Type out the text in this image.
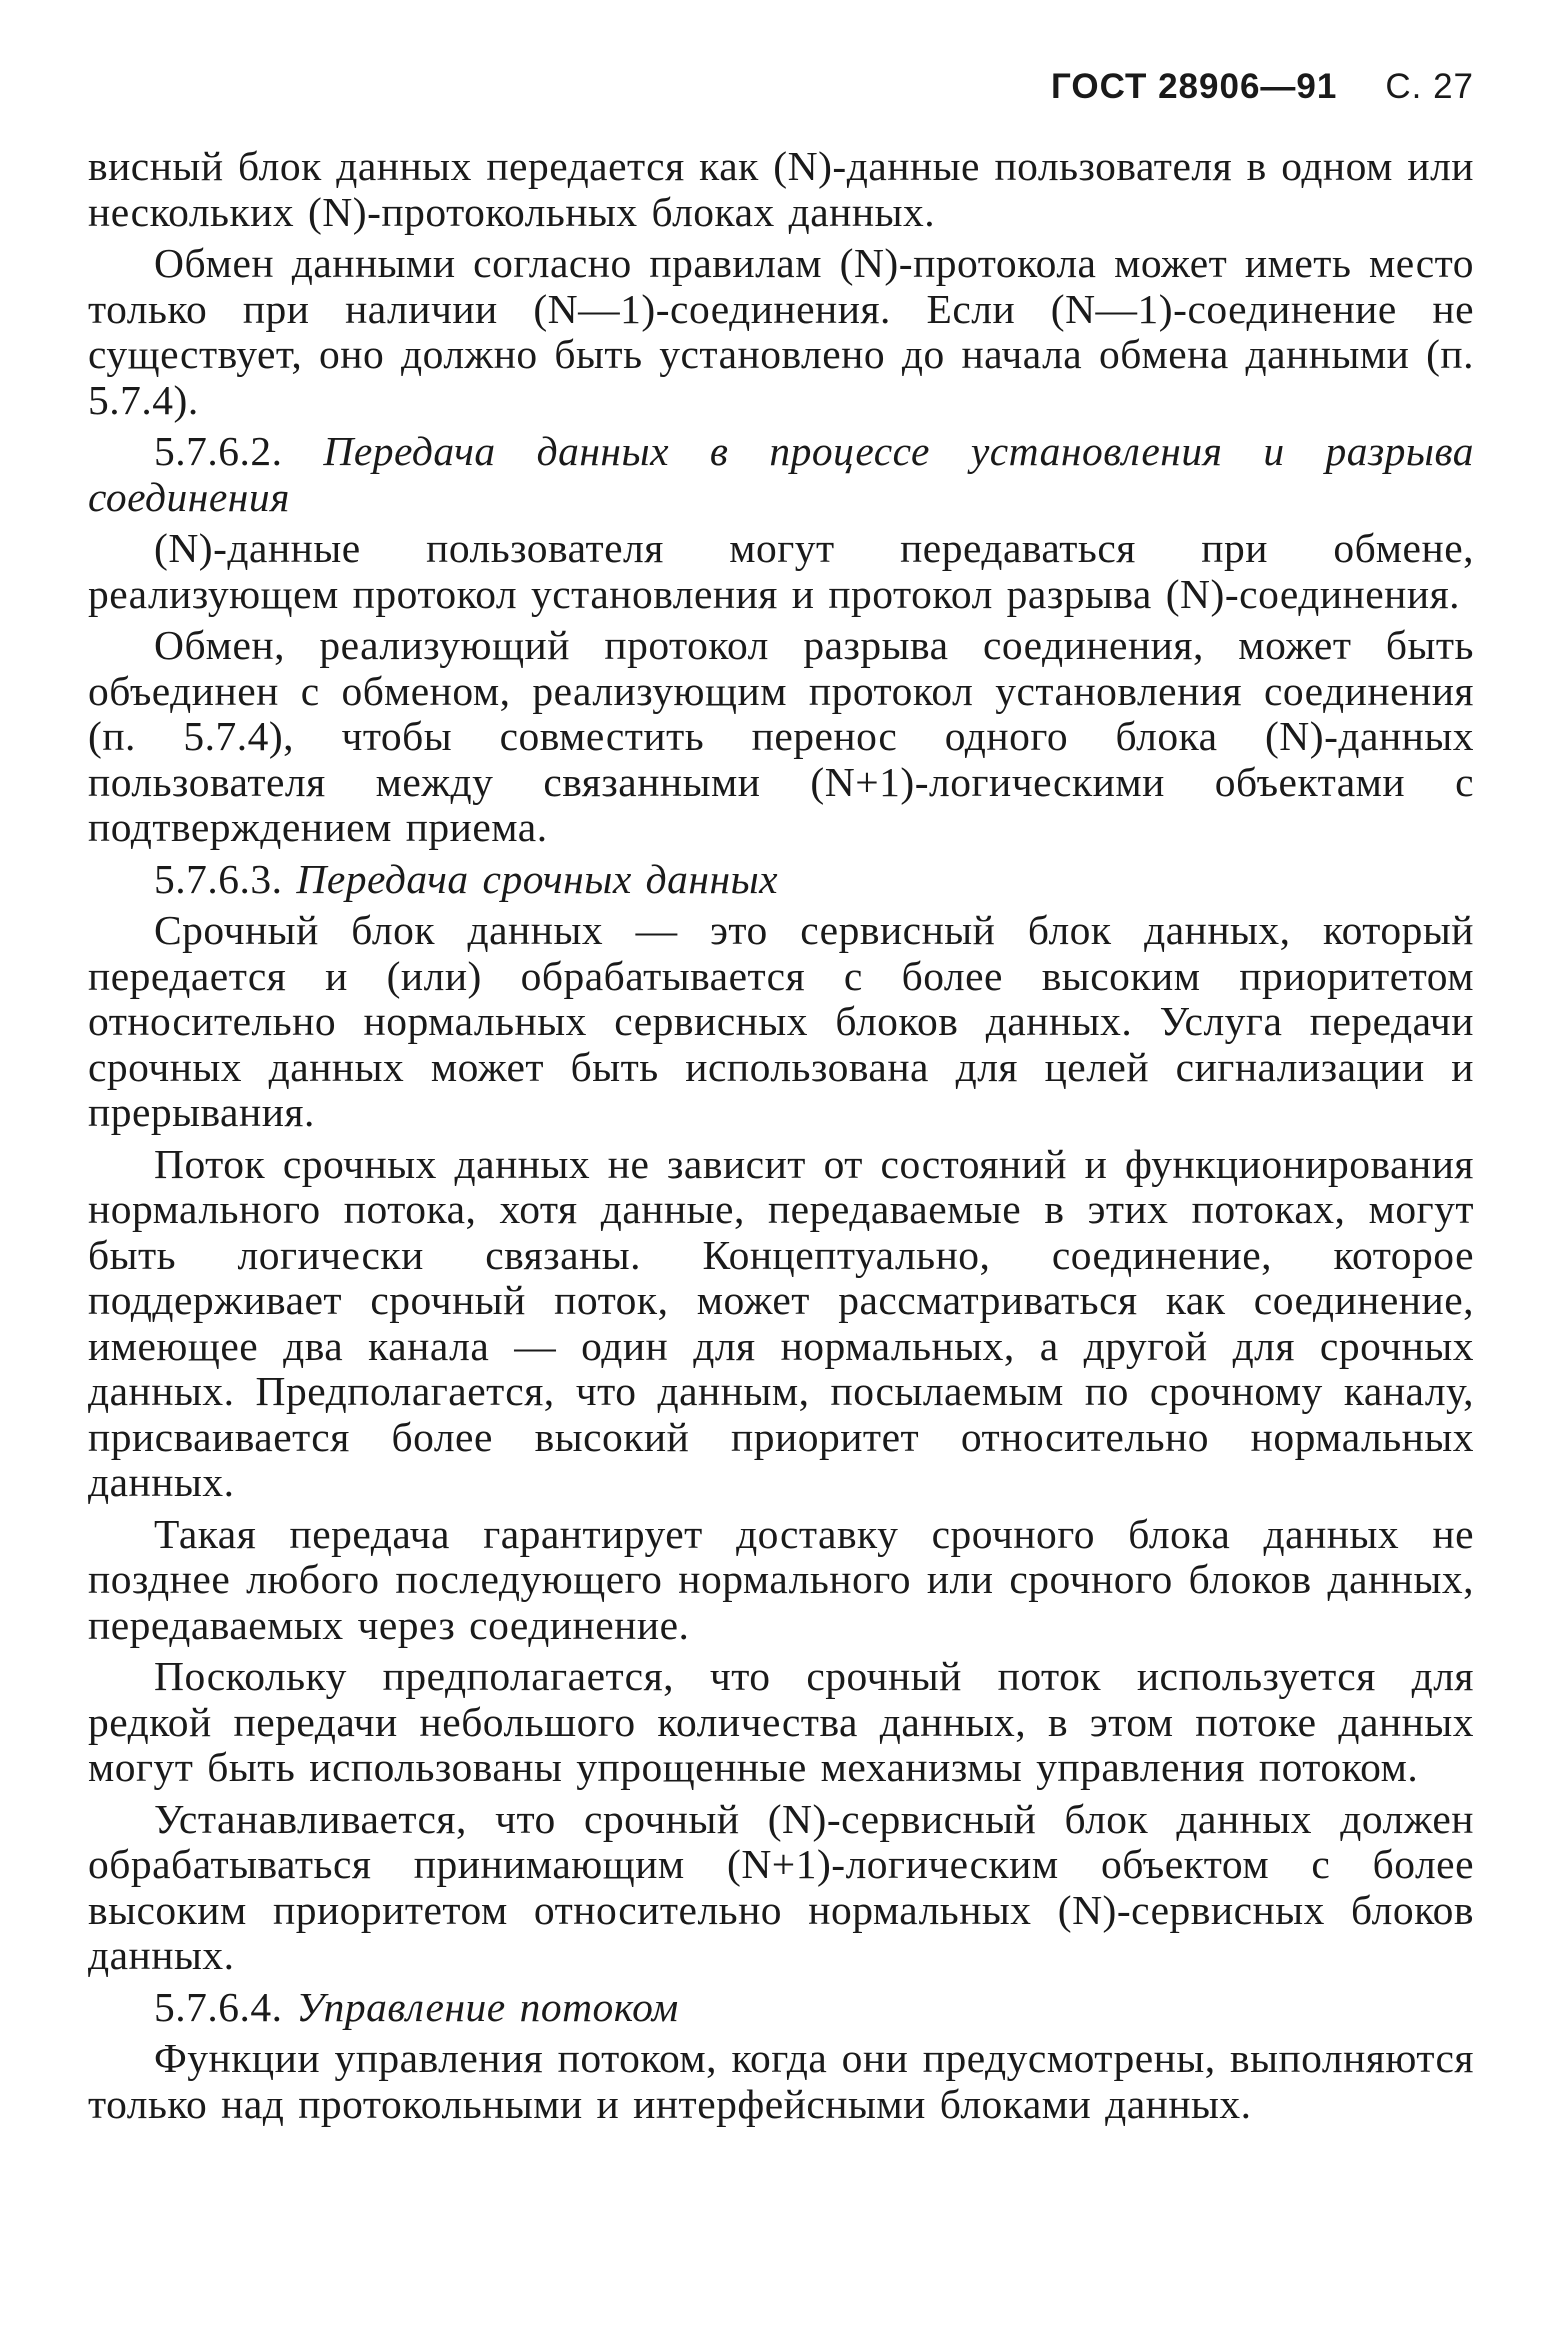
ГОСТ 28906—91 С. 27

висный блок данных передается как (N)-данные пользователя в одном или нескольких (N)-протокольных блоках данных.

Обмен данными согласно правилам (N)-протокола может иметь место только при наличии (N—1)-соединения. Если (N—1)-соединение не существует, оно должно быть установлено до начала обмена данными (п. 5.7.4).

5.7.6.2. Передача данных в процессе установления и разрыва соединения

(N)-данные пользователя могут передаваться при обмене, реализующем протокол установления и протокол разрыва (N)-соединения.

Обмен, реализующий протокол разрыва соединения, может быть объединен с обменом, реализующим протокол установления соединения (п. 5.7.4), чтобы совместить перенос одного блока (N)-данных пользователя между связанными (N+1)-логическими объектами с подтверждением приема.

5.7.6.3. Передача срочных данных

Срочный блок данных — это сервисный блок данных, который передается и (или) обрабатывается с более высоким приоритетом относительно нормальных сервисных блоков данных. Услуга передачи срочных данных может быть использована для целей сигнализации и прерывания.

Поток срочных данных не зависит от состояний и функционирования нормального потока, хотя данные, передаваемые в этих потоках, могут быть логически связаны. Концептуально, соединение, которое поддерживает срочный поток, может рассматриваться как соединение, имеющее два канала — один для нормальных, а другой для срочных данных. Предполагается, что данным, посылаемым по срочному каналу, присваивается более высокий приоритет относительно нормальных данных.

Такая передача гарантирует доставку срочного блока данных не позднее любого последующего нормального или срочного блоков данных, передаваемых через соединение.

Поскольку предполагается, что срочный поток используется для редкой передачи небольшого количества данных, в этом потоке данных могут быть использованы упрощенные механизмы управления потоком.

Устанавливается, что срочный (N)-сервисный блок данных должен обрабатываться принимающим (N+1)-логическим объектом с более высоким приоритетом относительно нормальных (N)-сервисных блоков данных.

5.7.6.4. Управление потоком

Функции управления потоком, когда они предусмотрены, выполняются только над протокольными и интерфейсными блоками данных.
